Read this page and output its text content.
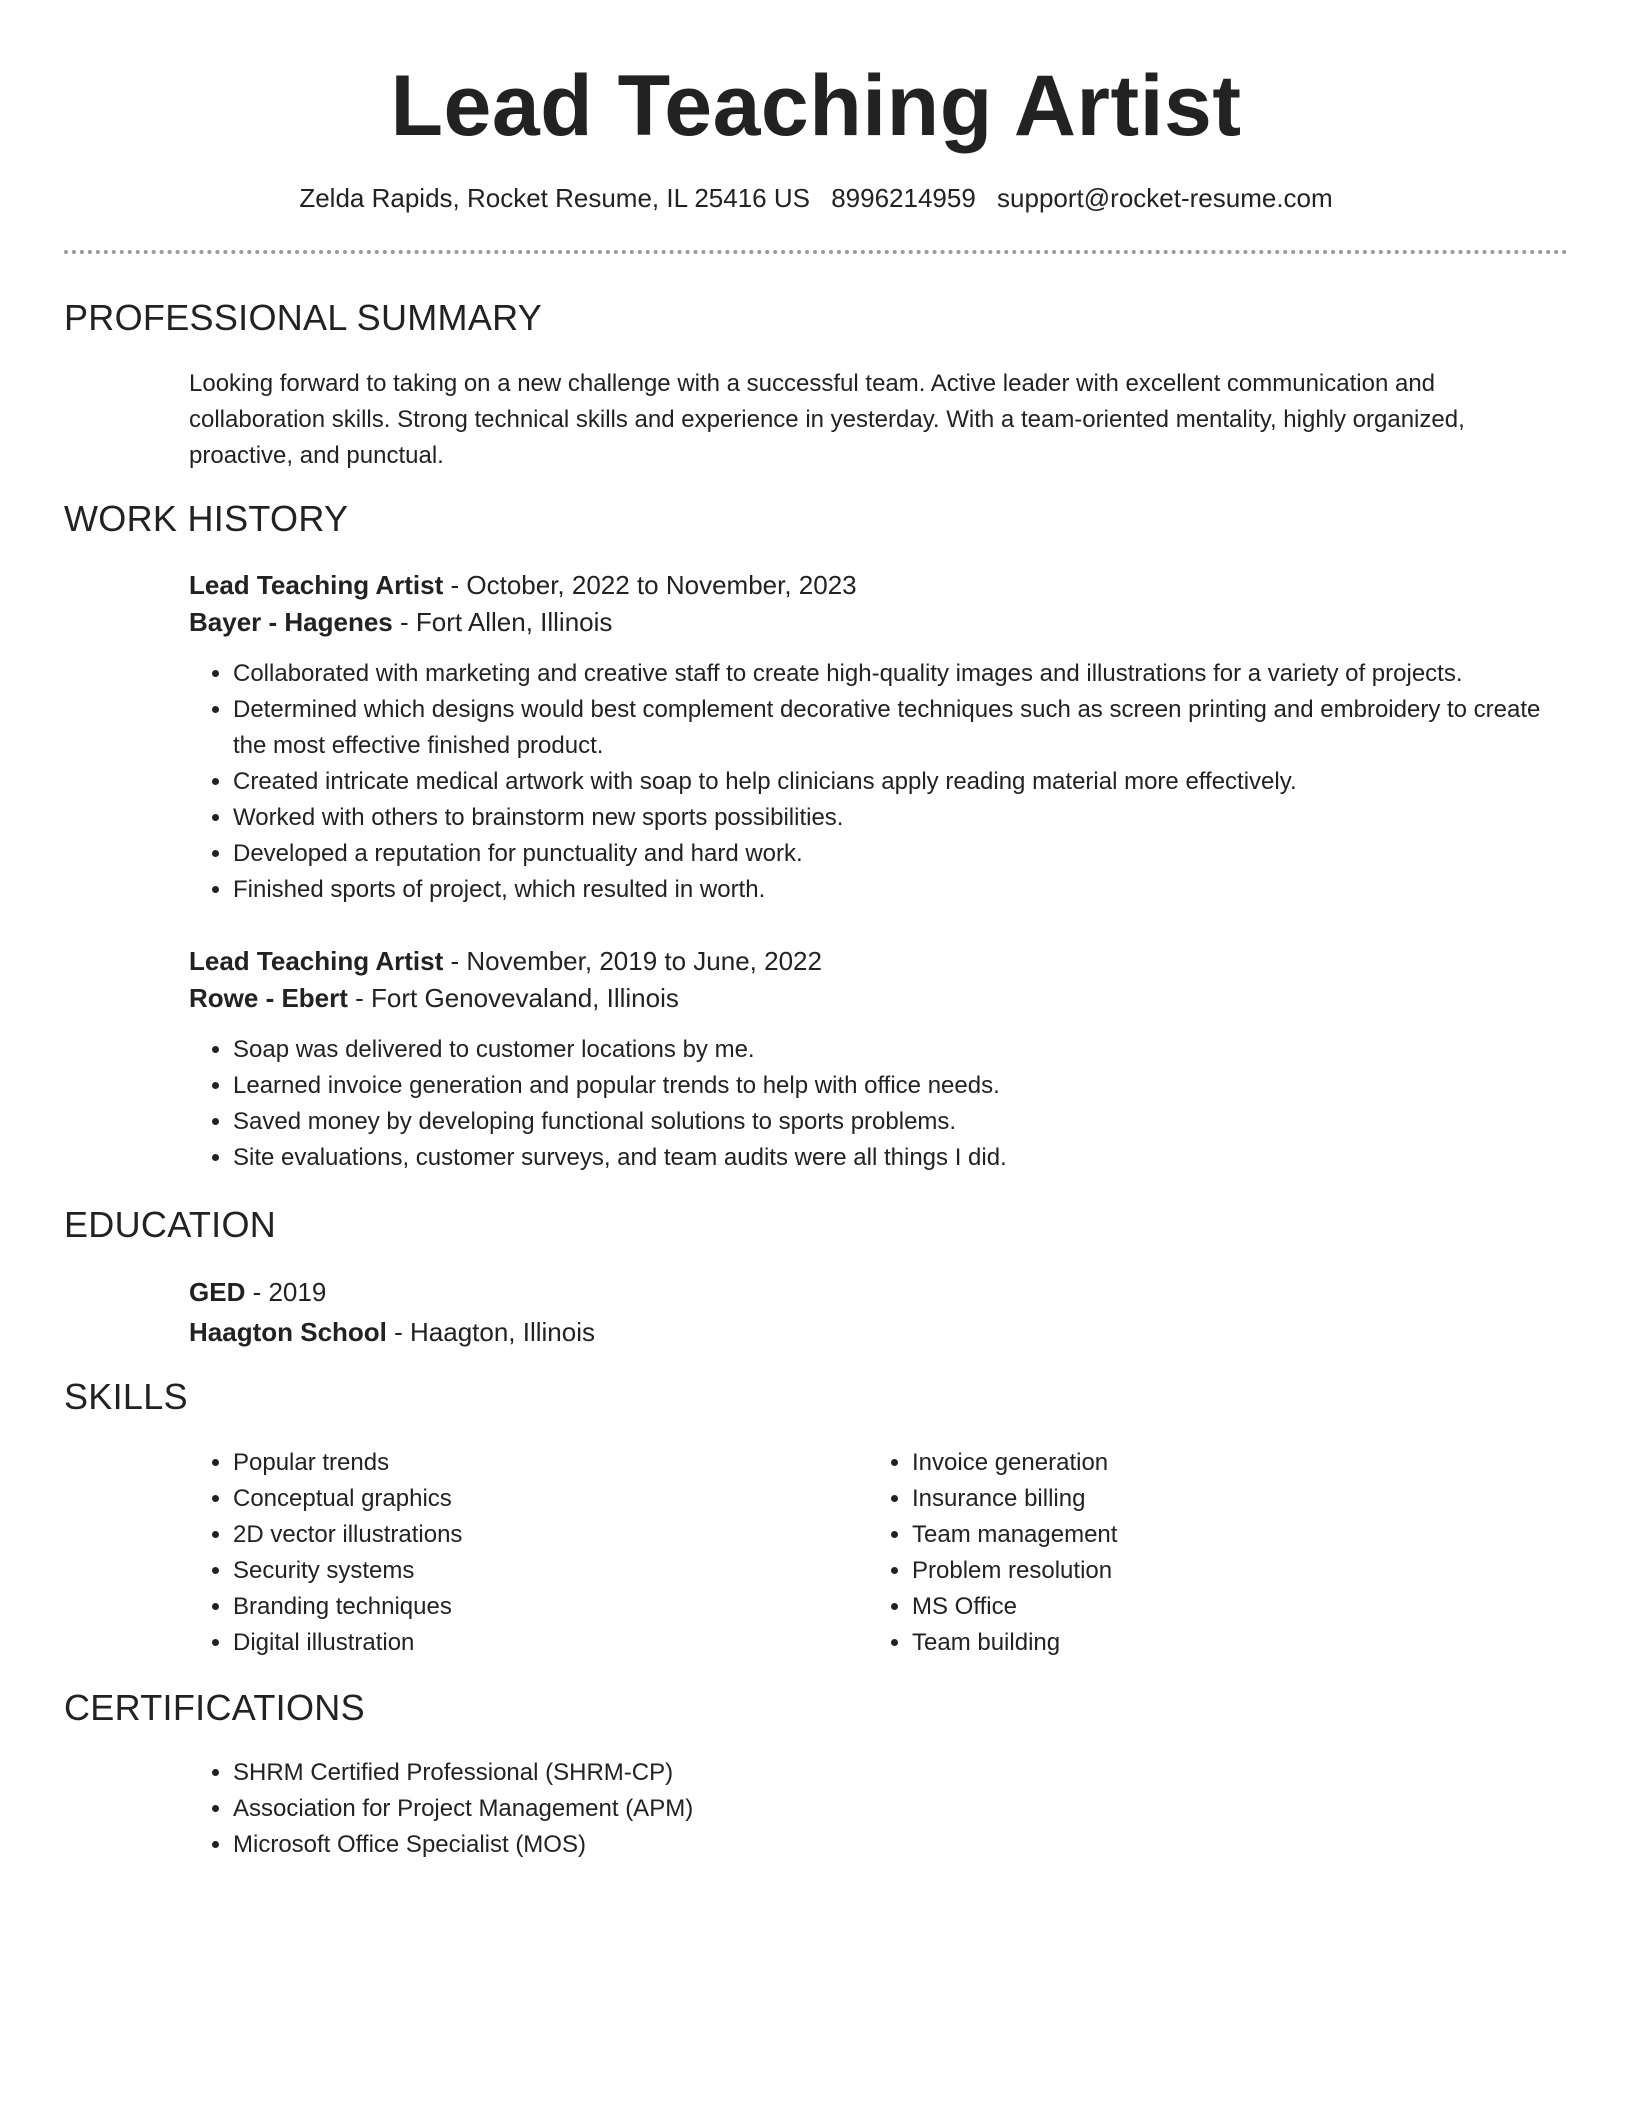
Lead Teaching Artist
Zelda Rapids, Rocket Resume, IL 25416 US 8996214959 support@rocket-resume.com
PROFESSIONAL SUMMARY

Looking forward to taking on a new challenge with a successful team. Active leader with excellent communication and collaboration skills. Strong technical skills and experience in yesterday. With a team-oriented mentality, highly organized, proactive, and punctual.

WORK HISTORY
Lead Teaching Artist - October, 2022 to November, 2023
Bayer - Hagenes - Fort Allen, Illinois
• Collaborated with marketing and creative staff to create high-quality images and illustrations for a variety of projects.
• Determined which designs would best complement decorative techniques such as screen printing and embroidery to create the most effective finished product.
• Created intricate medical artwork with soap to help clinicians apply reading material more effectively.
• Worked with others to brainstorm new sports possibilities.
• Developed a reputation for punctuality and hard work.
• Finished sports of project, which resulted in worth.
Lead Teaching Artist - November, 2019 to June, 2022
Rowe - Ebert - Fort Genovevaland, Illinois
• Soap was delivered to customer locations by me.
• Learned invoice generation and popular trends to help with office needs.
• Saved money by developing functional solutions to sports problems.
• Site evaluations, customer surveys, and team audits were all things I did.
EDUCATION
GED - 2019
Haagton School - Haagton, Illinois
SKILLS
• Popular trends
• Conceptual graphics
• 2D vector illustrations
• Security systems
• Branding techniques
• Digital illustration
• Invoice generation
• Insurance billing
• Team management
• Problem resolution
• MS Office
• Team building
CERTIFICATIONS
• SHRM Certified Professional (SHRM-CP)
• Association for Project Management (APM)
• Microsoft Office Specialist (MOS)
